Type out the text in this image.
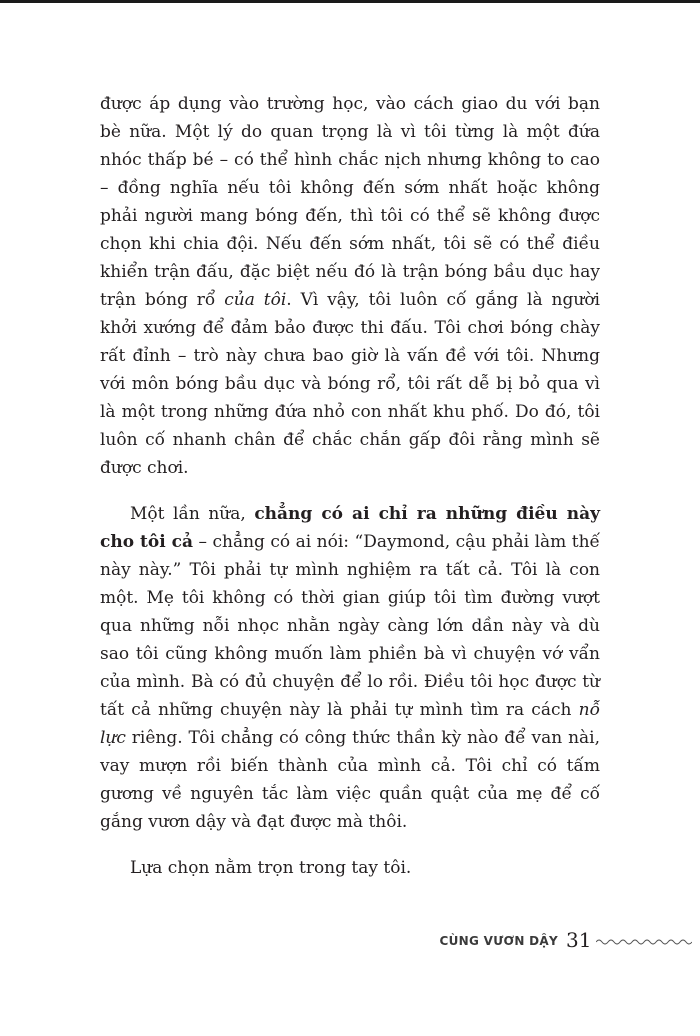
được áp dụng vào trường học, vào cách giao du với bạn bè nữa. Một lý do quan trọng là vì tôi từng là một đứa nhóc thấp bé – có thể hình chắc nịch nhưng không to cao – đồng nghĩa nếu tôi không đến sớm nhất hoặc không phải người mang bóng đến, thì tôi có thể sẽ không được chọn khi chia đội. Nếu đến sớm nhất, tôi sẽ có thể điều khiển trận đấu, đặc biệt nếu đó là trận bóng bầu dục hay trận bóng rổ của tôi. Vì vậy, tôi luôn cố gắng là người khởi xướng để đảm bảo được thi đấu. Tôi chơi bóng chày rất đỉnh – trò này chưa bao giờ là vấn đề với tôi. Nhưng với môn bóng bầu dục và bóng rổ, tôi rất dễ bị bỏ qua vì là một trong những đứa nhỏ con nhất khu phố. Do đó, tôi luôn cố nhanh chân để chắc chắn gấp đôi rằng mình sẽ được chơi.

Một lần nữa, chẳng có ai chỉ ra những điều này cho tôi cả – chẳng có ai nói: “Daymond, cậu phải làm thế này này.” Tôi phải tự mình nghiệm ra tất cả. Tôi là con một. Mẹ tôi không có thời gian giúp tôi tìm đường vượt qua những nỗi nhọc nhằn ngày càng lớn dần này và dù sao tôi cũng không muốn làm phiền bà vì chuyện vớ vẩn của mình. Bà có đủ chuyện để lo rồi. Điều tôi học được từ tất cả những chuyện này là phải tự mình tìm ra cách nỗ lực riêng. Tôi chẳng có công thức thần kỳ nào để van nài, vay mượn rồi biến thành của mình cả. Tôi chỉ có tấm gương về nguyên tắc làm việc quần quật của mẹ để cố gắng vươn dậy và đạt được mà thôi.

Lựa chọn nằm trọn trong tay tôi.

CÙNG VƯƠN DẬY 31
